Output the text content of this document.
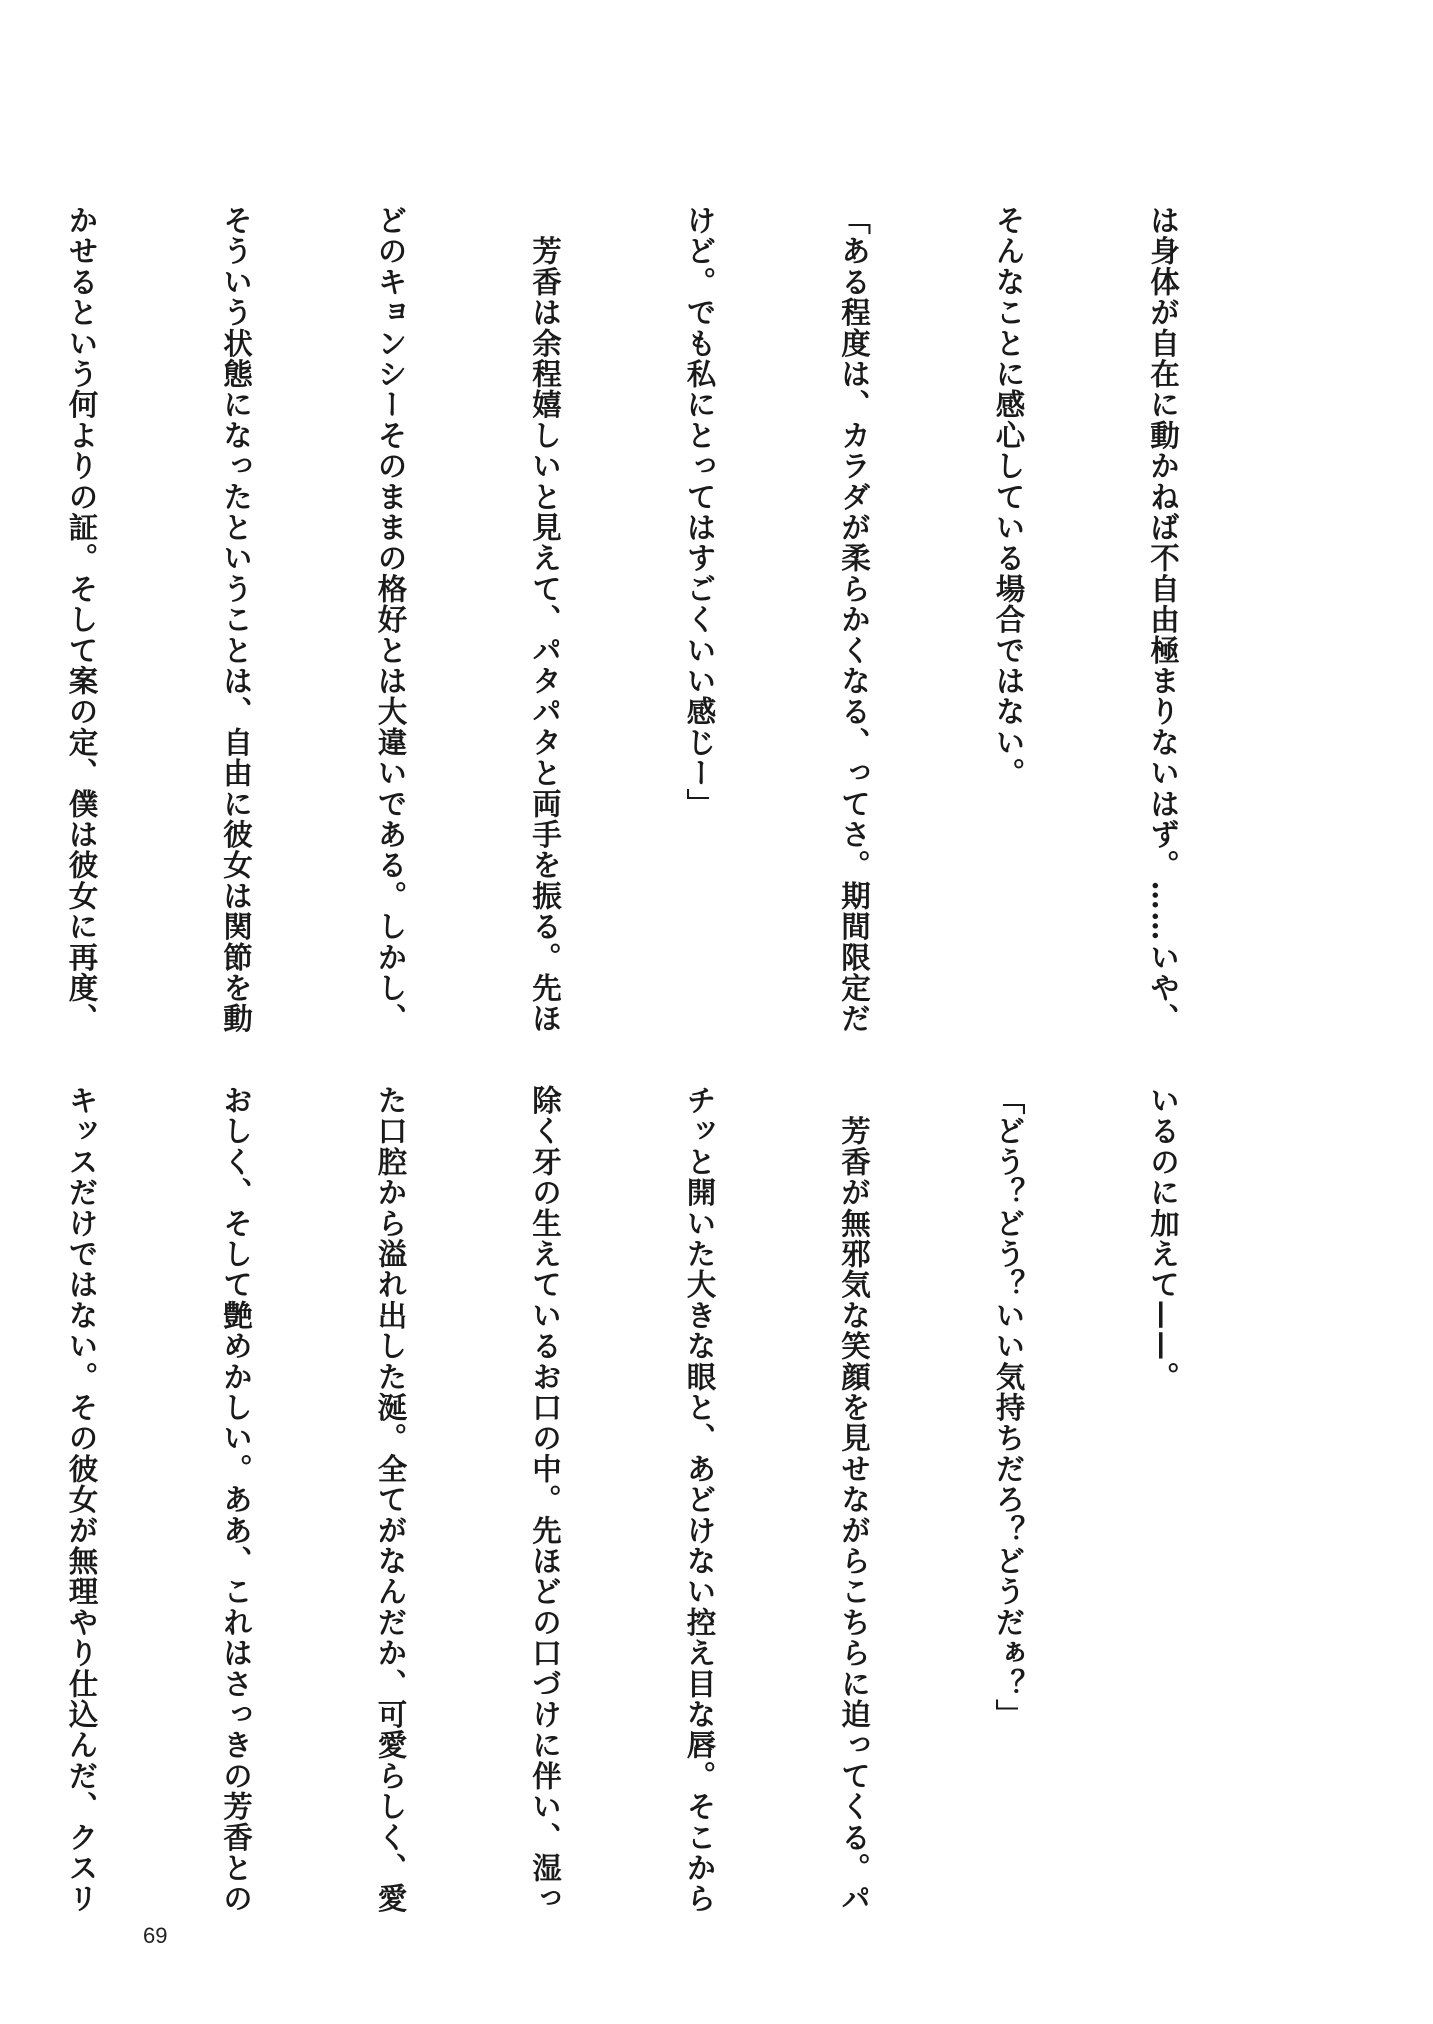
は身体が自在に動かねば不自由極まりないはず。……いや、

そんなことに感心している場合ではない。

「ある程度は、カラダが柔らかくなる、ってさ。期間限定だ

けど。でも私にとってはすごくいい感じー」

　芳香は余程嬉しいと見えて、パタパタと両手を振る。先ほ

どのキョンシーそのままの格好とは大違いである。しかし、

そういう状態になったということは、自由に彼女は関節を動

かせるという何よりの証。そして案の定、僕は彼女に再度、

いるのに加えて——。

「どう？どう？いい気持ちだろ？どうだぁ？」

　芳香が無邪気な笑顔を見せながらこちらに迫ってくる。パ

チッと開いた大きな眼と、あどけない控え目な唇。そこから

除く牙の生えているお口の中。先ほどの口づけに伴い、湿っ

た口腔から溢れ出した涎。全てがなんだか、可愛らしく、愛

おしく、そして艶めかしい。ああ、これはさっきの芳香との

キッスだけではない。その彼女が無理やり仕込んだ、クスリ

69
